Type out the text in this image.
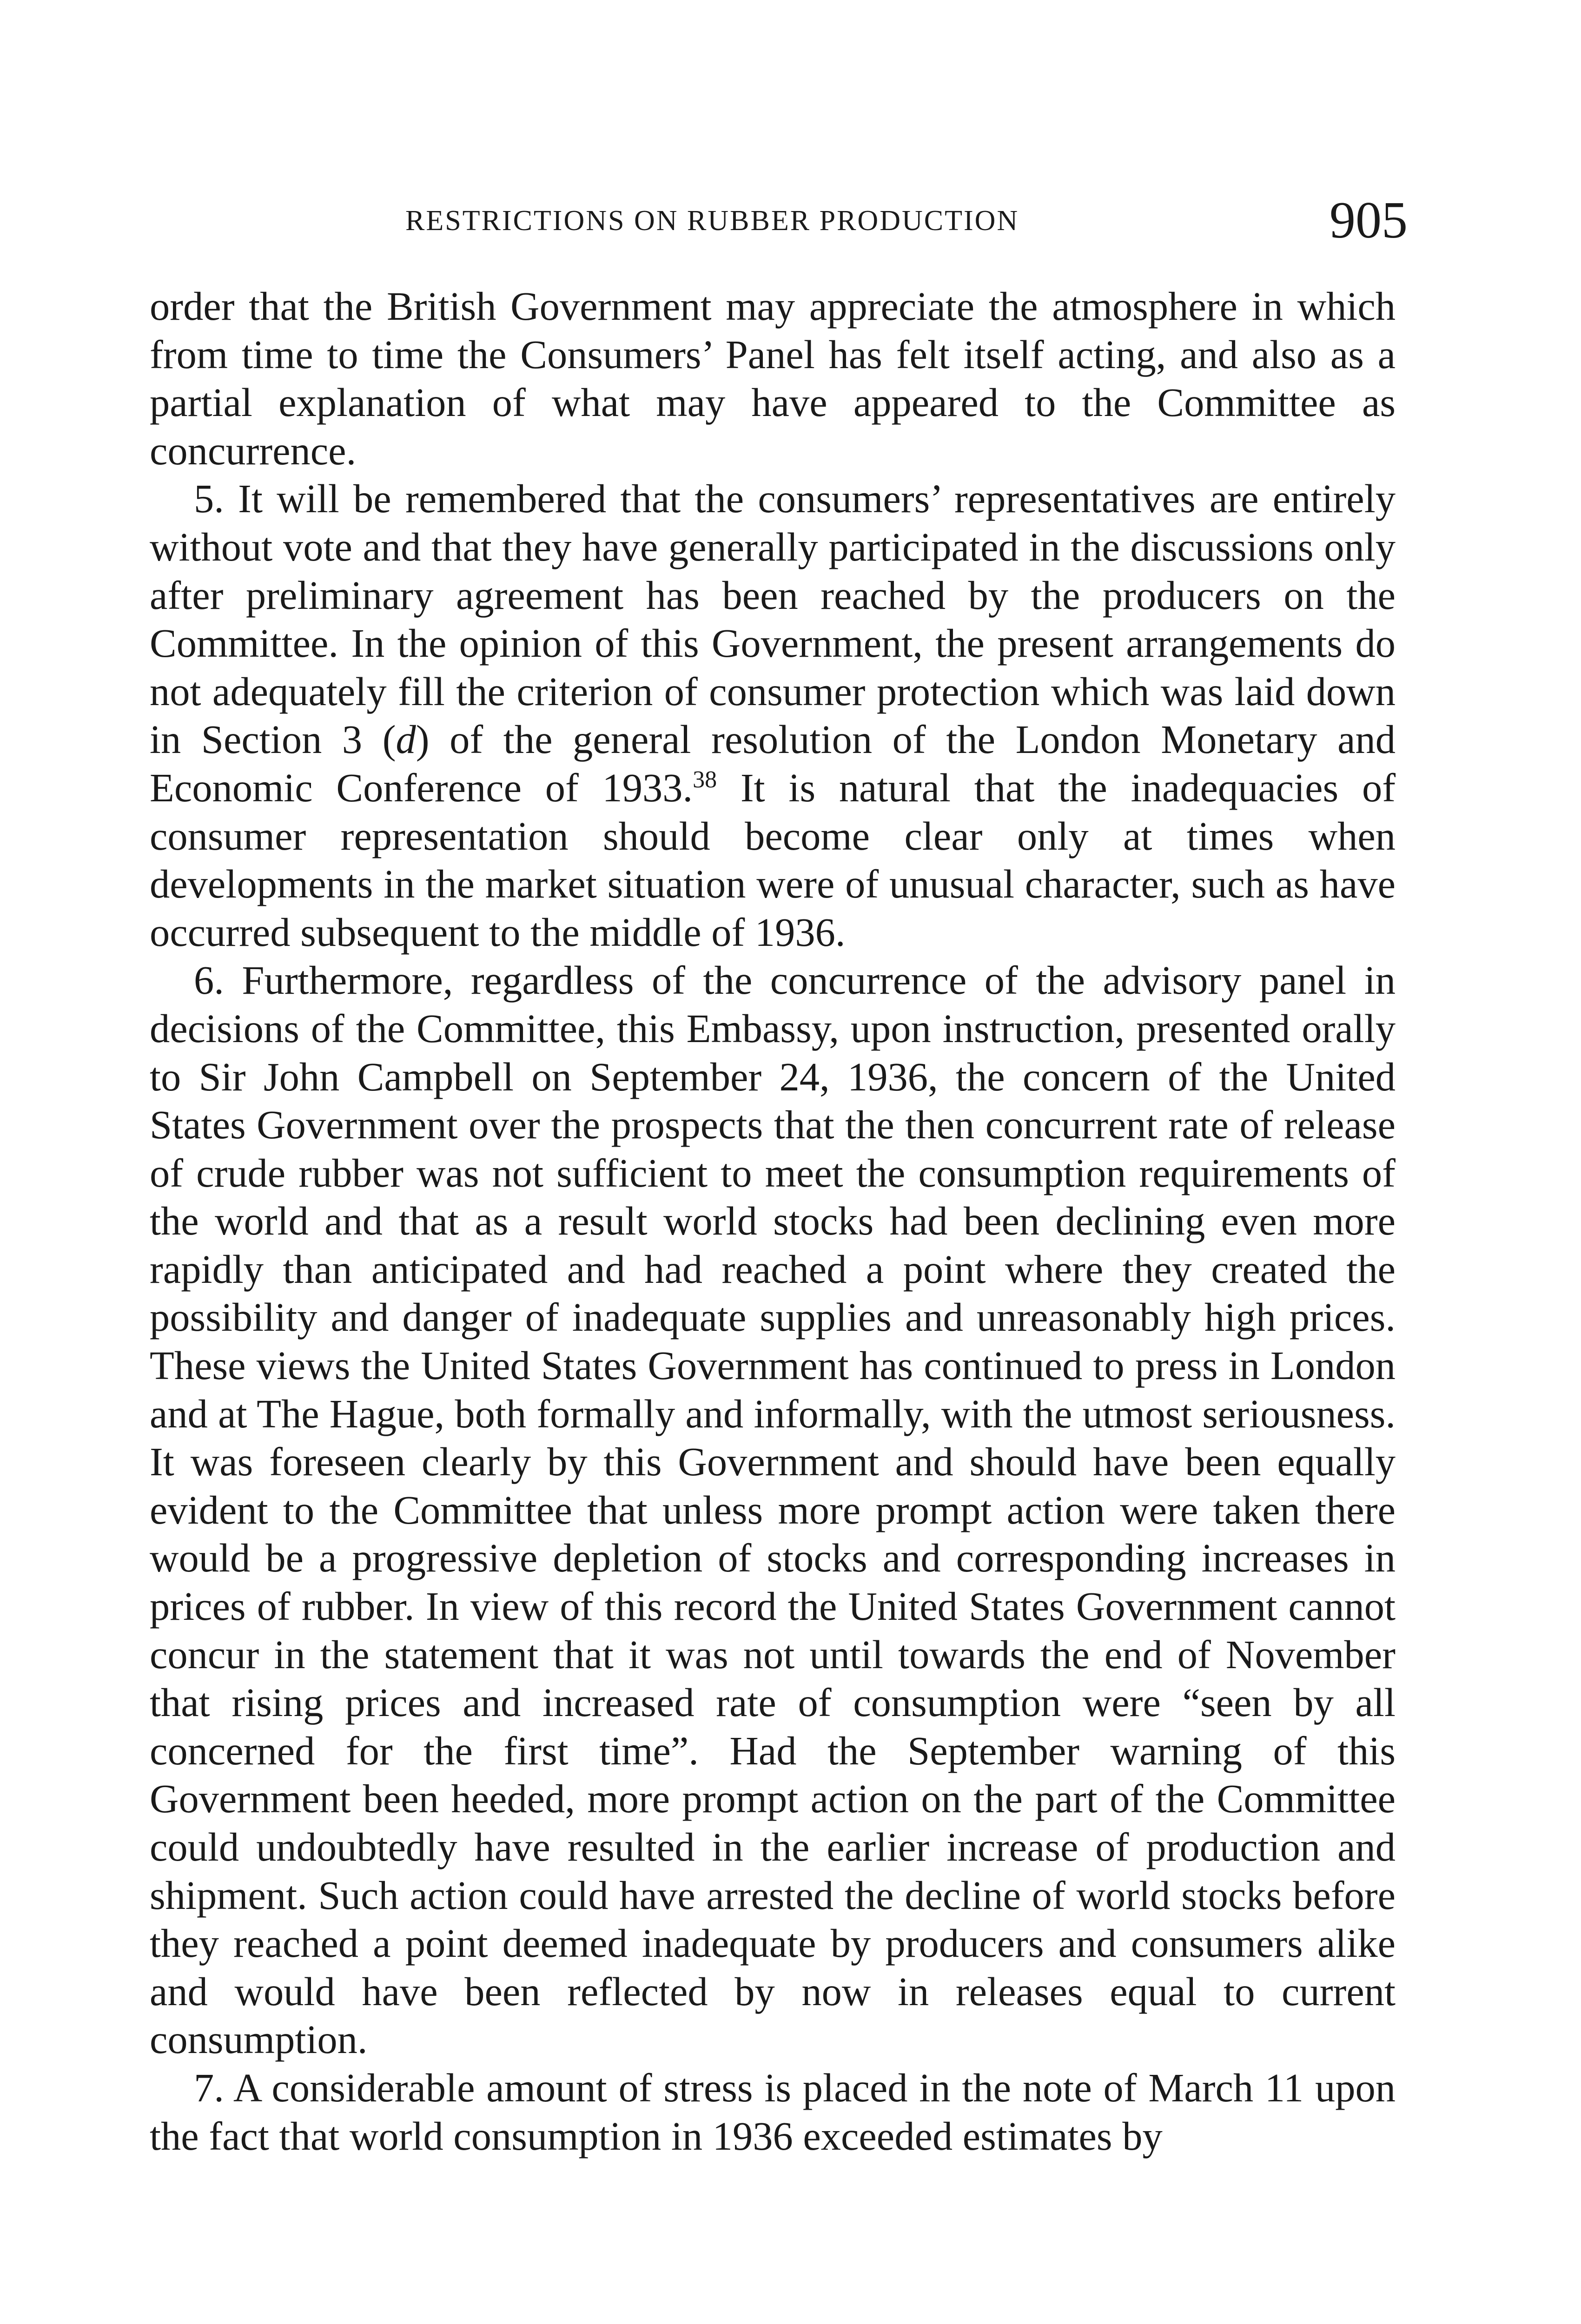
RESTRICTIONS ON RUBBER PRODUCTION	905

order that the British Government may appreciate the atmosphere in which from time to time the Consumers’ Panel has felt itself acting, and also as a partial explanation of what may have appeared to the Committee as concurrence.

5. It will be remembered that the consumers’ representatives are entirely without vote and that they have generally participated in the discussions only after preliminary agreement has been reached by the producers on the Committee. In the opinion of this Government, the present arrangements do not adequately fill the criterion of consumer protection which was laid down in Section 3 (d) of the general resolution of the London Monetary and Economic Conference of 1933.38 It is natural that the inadequacies of consumer representation should become clear only at times when developments in the market situation were of unusual character, such as have occurred subsequent to the middle of 1936.

6. Furthermore, regardless of the concurrence of the advisory panel in decisions of the Committee, this Embassy, upon instruction, presented orally to Sir John Campbell on September 24, 1936, the concern of the United States Government over the prospects that the then concurrent rate of release of crude rubber was not sufficient to meet the consumption requirements of the world and that as a result world stocks had been declining even more rapidly than anticipated and had reached a point where they created the possibility and danger of inadequate supplies and unreasonably high prices. These views the United States Government has continued to press in London and at The Hague, both formally and informally, with the utmost seriousness. It was foreseen clearly by this Government and should have been equally evident to the Committee that unless more prompt action were taken there would be a progressive depletion of stocks and corresponding increases in prices of rubber. In view of this record the United States Government cannot concur in the statement that it was not until towards the end of November that rising prices and increased rate of consumption were “seen by all concerned for the first time”. Had the September warning of this Government been heeded, more prompt action on the part of the Committee could undoubtedly have resulted in the earlier increase of production and shipment. Such action could have arrested the decline of world stocks before they reached a point deemed inadequate by producers and consumers alike and would have been reflected by now in releases equal to current consumption.

7. A considerable amount of stress is placed in the note of March 11 upon the fact that world consumption in 1936 exceeded estimates by
